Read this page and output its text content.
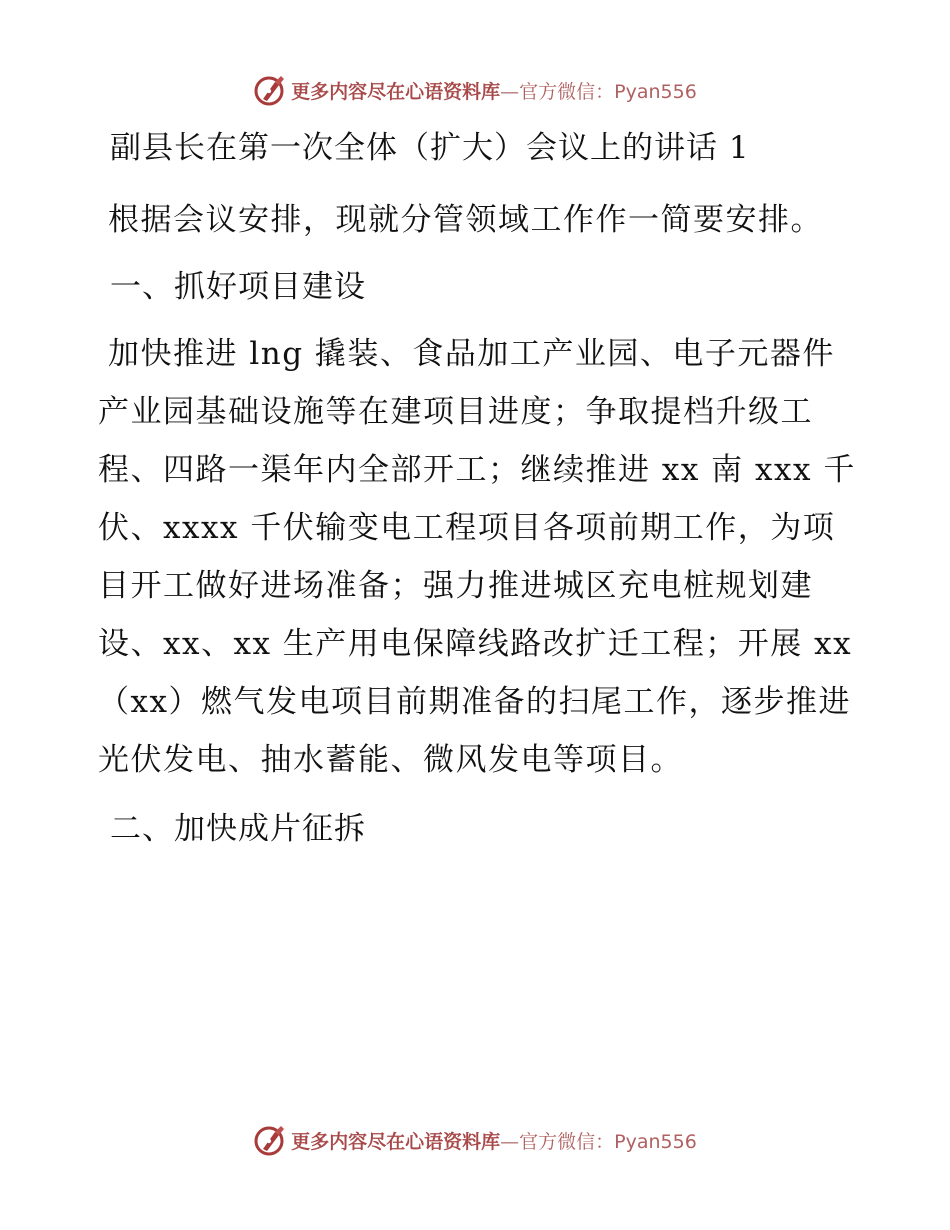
更多内容尽在心语资料库—官方微信：Pyan556
副县长在第一次全体（扩大）会议上的讲话 1

根据会议安排，现就分管领域工作作一简要安排。

一、抓好项目建设

加快推进 lng 撬装、食品加工产业园、电子元器件产业园基础设施等在建项目进度；争取提档升级工程、四路一渠年内全部开工；继续推进 xx 南 xxx 千伏、xxxx 千伏输变电工程项目各项前期工作，为项目开工做好进场准备；强力推进城区充电桩规划建设、xx、xx 生产用电保障线路改扩迁工程；开展 xx（xx）燃气发电项目前期准备的扫尾工作，逐步推进光伏发电、抽水蓄能、微风发电等项目。

二、加快成片征拆
更多内容尽在心语资料库—官方微信：Pyan556
